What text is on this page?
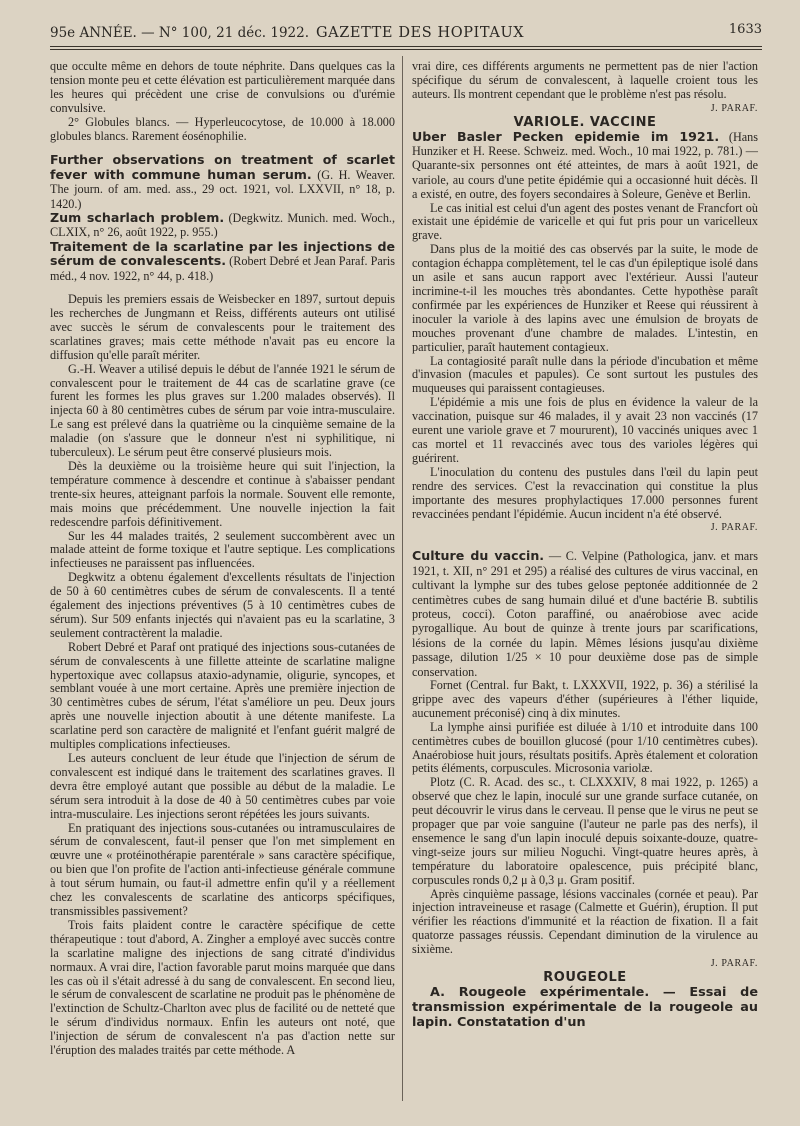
95e ANNÉE. — N° 100, 21 déc. 1922. GAZETTE DES HOPITAUX	1633

que occulte même en dehors de toute néphrite. Dans quelques cas la tension monte peu et cette élévation est particulièrement marquée dans les heures qui précèdent une crise de convulsions ou d'urémie convulsive.

2° Globules blancs. — Hyperleucocytose, de 10.000 à 18.000 globules blancs. Rarement éosénophilie.

Further observations on treatment of scarlet fever with commune human serum. (G. H. Weaver. The journ. of am. med. ass., 29 oct. 1921, vol. LXXVII, n° 18, p. 1420.)

Zum scharlach problem. (Degkwitz. Munich. med. Woch., CLXIX, n° 26, août 1922, p. 955.)

Traitement de la scarlatine par les injections de sérum de convalescents. (Robert Debré et Jean Paraf. Paris méd., 4 nov. 1922, n° 44, p. 418.)

Depuis les premiers essais de Weisbecker en 1897, surtout depuis les recherches de Jungmann et Reiss, différents auteurs ont utilisé avec succès le sérum de convalescents pour le traitement des scarlatines graves; mais cette méthode n'avait pas eu encore la diffusion qu'elle paraît mériter.

G.-H. Weaver a utilisé depuis le début de l'année 1921 le sérum de convalescent pour le traitement de 44 cas de scarlatine grave (ce furent les formes les plus graves sur 1.200 malades observés). Il injecta 60 à 80 centimètres cubes de sérum par voie intra-musculaire. Le sang est prélevé dans la quatrième ou la cinquième semaine de la maladie (on s'assure que le donneur n'est ni syphilitique, ni tuberculeux). Le sérum peut être conservé plusieurs mois.

Dès la deuxième ou la troisième heure qui suit l'injection, la température commence à descendre et continue à s'abaisser pendant trente-six heures, atteignant parfois la normale. Souvent elle remonte, mais moins que précédemment. Une nouvelle injection la fait redescendre parfois définitivement.

Sur les 44 malades traités, 2 seulement succombèrent avec un malade atteint de forme toxique et l'autre septique. Les complications infectieuses ne paraissent pas influencées.

Degkwitz a obtenu également d'excellents résultats de l'injection de 50 à 60 centimètres cubes de sérum de convalescents. Il a tenté également des injections préventives (5 à 10 centimètres cubes de sérum). Sur 509 enfants injectés qui n'avaient pas eu la scarlatine, 3 seulement contractèrent la maladie.

Robert Debré et Paraf ont pratiqué des injections sous-cutanées de sérum de convalescents à une fillette atteinte de scarlatine maligne hypertoxique avec collapsus ataxio-adynamie, oligurie, syncopes, et semblant vouée à une mort certaine. Après une première injection de 30 centimètres cubes de sérum, l'état s'améliore un peu. Deux jours après une nouvelle injection aboutit à une détente manifeste. La scarlatine perd son caractère de malignité et l'enfant guérit malgré de multiples complications infectieuses.

Les auteurs concluent de leur étude que l'injection de sérum de convalescent est indiqué dans le traitement des scarlatines graves. Il devra être employé autant que possible au début de la maladie. Le sérum sera introduit à la dose de 40 à 50 centimètres cubes par voie intra-musculaire. Les injections seront répétées les jours suivants.

En pratiquant des injections sous-cutanées ou intramusculaires de sérum de convalescent, faut-il penser que l'on met simplement en œuvre une « protéinothérapie parentérale » sans caractère spécifique, ou bien que l'on profite de l'action anti-infectieuse générale commune à tout sérum humain, ou faut-il admettre enfin qu'il y a réellement chez les convalescents de scarlatine des anticorps spécifiques, transmissibles passivement?

Trois faits plaident contre le caractère spécifique de cette thérapeutique : tout d'abord, A. Zingher a employé avec succès contre la scarlatine maligne des injections de sang citraté d'individus normaux. A vrai dire, l'action favorable parut moins marquée que dans les cas où il s'était adressé à du sang de convalescent. En second lieu, le sérum de convalescent de scarlatine ne produit pas le phénomène de l'extinction de Schultz-Charlton avec plus de facilité ou de netteté que le sérum d'individus normaux. Enfin les auteurs ont noté, que l'injection de sérum de convalescent n'a pas d'action nette sur l'éruption des malades traités par cette méthode. A

vrai dire, ces différents arguments ne permettent pas de nier l'action spécifique du sérum de convalescent, à laquelle croient tous les auteurs. Ils montrent cependant que le problème n'est pas résolu.

J. PARAF.

VARIOLE. VACCINE

Uber Basler Pecken epidemie im 1921. (Hans Hunziker et H. Reese. Schweiz. med. Woch., 10 mai 1922, p. 781.) — Quarante-six personnes ont été atteintes, de mars à août 1921, de variole, au cours d'une petite épidémie qui a occasionné huit décès. Il a existé, en outre, des foyers secondaires à Soleure, Genève et Berlin.

Le cas initial est celui d'un agent des postes venant de Francfort où existait une épidémie de varicelle et qui fut pris pour un varicelleux grave.

Dans plus de la moitié des cas observés par la suite, le mode de contagion échappa complètement, tel le cas d'un épileptique isolé dans un asile et sans aucun rapport avec l'extérieur. Aussi l'auteur incrimine-t-il les mouches très abondantes. Cette hypothèse paraît confirmée par les expériences de Hunziker et Reese qui réussirent à inoculer la variole à des lapins avec une émulsion de broyats de mouches provenant d'une chambre de malades. L'intestin, en particulier, paraît hautement contagieux.

La contagiosité paraît nulle dans la période d'incubation et même d'invasion (macules et papules). Ce sont surtout les pustules des muqueuses qui paraissent contagieuses.

L'épidémie a mis une fois de plus en évidence la valeur de la vaccination, puisque sur 46 malades, il y avait 23 non vaccinés (17 eurent une variole grave et 7 moururent), 10 vaccinés uniques avec 1 cas mortel et 11 revaccinés avec tous des varioles légères qui guérirent.

L'inoculation du contenu des pustules dans l'œil du lapin peut rendre des services. C'est la revaccination qui constitue la plus importante des mesures prophylactiques 17.000 personnes furent revaccinées pendant l'épidémie. Aucun incident n'a été observé.

J. PARAF.

Culture du vaccin. — C. Velpine (Pathologica, janv. et mars 1921, t. XII, n° 291 et 295) a réalisé des cultures de virus vaccinal, en cultivant la lymphe sur des tubes gelose peptonée additionnée de 2 centimètres cubes de sang humain dilué et d'une bactérie B. subtilis proteus, cocci). Coton paraffiné, ou anaérobiose avec acide pyrogallique. Au bout de quinze à trente jours par scarifications, lésions de la cornée du lapin. Mêmes lésions jusqu'au dixième passage, dilution 1/25 × 10 pour deuxième dose pas de simple conservation.

Fornet (Central. fur Bakt, t. LXXXVII, 1922, p. 36) a stérilisé la grippe avec des vapeurs d'éther (supérieures à l'éther liquide, aucunement préconisé) cinq à dix minutes.

La lymphe ainsi purifiée est diluée à 1/10 et introduite dans 100 centimètres cubes de bouillon glucosé (pour 1/10 centimètres cubes). Anaérobiose huit jours, résultats positifs. Après étalement et coloration petits éléments, corpuscules. Microsonia variolæ.

Plotz (C. R. Acad. des sc., t. CLXXXIV, 8 mai 1922, p. 1265) a observé que chez le lapin, inoculé sur une grande surface cutanée, on peut découvrir le virus dans le cerveau. Il pense que le virus ne peut se propager que par voie sanguine (l'auteur ne parle pas des nerfs), il ensemence le sang d'un lapin inoculé depuis soixante-douze, quatre-vingt-seize jours sur milieu Noguchi. Vingt-quatre heures après, à température du laboratoire opalescence, puis précipité blanc, corpuscules ronds 0,2 μ à 0,3 μ. Gram positif.

Après cinquième passage, lésions vaccinales (cornée et peau). Par injection intraveineuse et rasage (Calmette et Guérin), éruption. Il put vérifier les réactions d'immunité et la réaction de fixation. Il a fait quatorze passages réussis. Cependant diminution de la virulence au sixième.

J. PARAF.

ROUGEOLE

A. Rougeole expérimentale. — Essai de transmission expérimentale de la rougeole au lapin. Constatation d'un
